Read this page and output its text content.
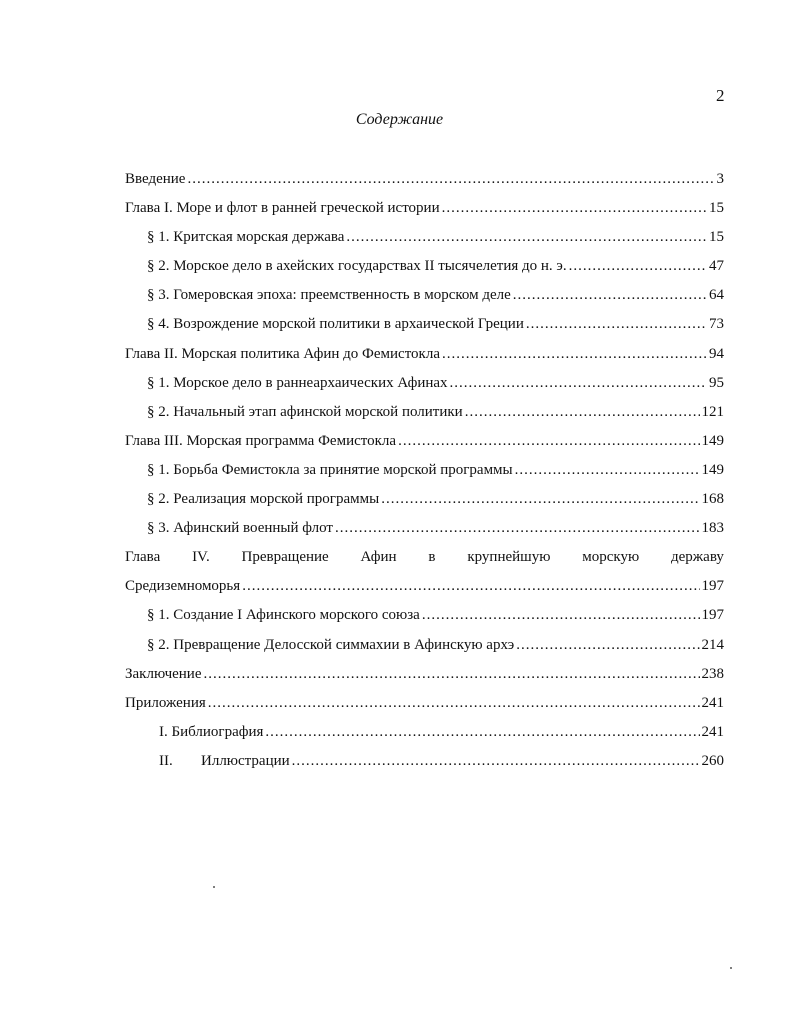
2
Содержание
Введение .....	3
Глава I. Море и флот в ранней греческой истории .....	15
§ 1. Критская морская держава .....	15
§ 2. Морское дело в ахейских государствах II тысячелетия до н. э. .....	47
§ 3. Гомеровская эпоха: преемственность в морском деле .....	64
§ 4. Возрождение морской политики в архаической Греции .....	73
Глава II. Морская политика Афин до Фемистокла .....	94
§ 1. Морское дело в раннеархаических Афинах .....	95
§ 2. Начальный этап афинской морской политики .....	121
Глава III. Морская программа Фемистокла .....	149
§ 1. Борьба Фемистокла за принятие морской программы .....	149
§ 2. Реализация морской программы .....	168
§ 3. Афинский военный флот .....	183
Глава IV. Превращение Афин в крупнейшую морскую державу
Средиземноморья .....	197
§ 1. Создание I Афинского морского союза .....	197
§ 2. Превращение Делосской симмахии в Афинскую архэ .....	214
Заключение .....	238
Приложения .....	241
I. Библиография .....	241
II. Иллюстрации .....	260
